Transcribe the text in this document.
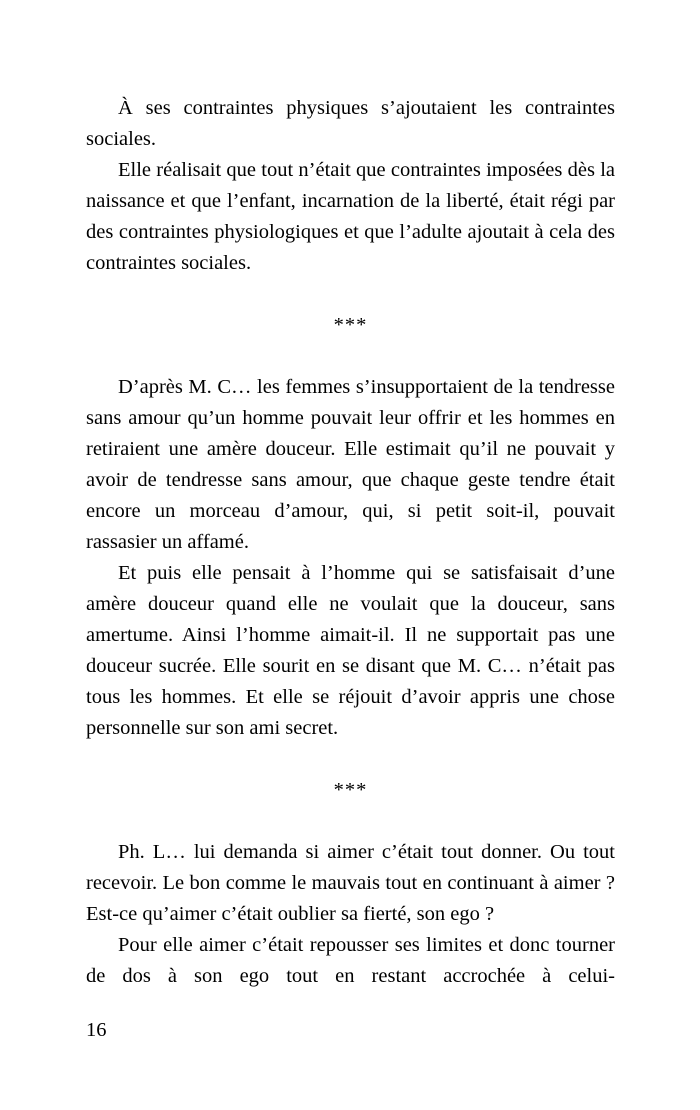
À ses contraintes physiques s’ajoutaient les contraintes sociales.

Elle réalisait que tout n’était que contraintes imposées dès la naissance et que l’enfant, incarnation de la liberté, était régi par des contraintes physiologiques et que l’adulte ajoutait à cela des contraintes sociales.

***

D’après M. C… les femmes s’insupportaient de la tendresse sans amour qu’un homme pouvait leur offrir et les hommes en retiraient une amère douceur. Elle estimait qu’il ne pouvait y avoir de tendresse sans amour, que chaque geste tendre était encore un morceau d’amour, qui, si petit soit-il, pouvait rassasier un affamé.

Et puis elle pensait à l’homme qui se satisfaisait d’une amère douceur quand elle ne voulait que la douceur, sans amertume. Ainsi l’homme aimait-il. Il ne supportait pas une douceur sucrée. Elle sourit en se disant que M. C… n’était pas tous les hommes. Et elle se réjouit d’avoir appris une chose personnelle sur son ami secret.

***

Ph. L… lui demanda si aimer c’était tout donner. Ou tout recevoir. Le bon comme le mauvais tout en continuant à aimer ? Est-ce qu’aimer c’était oublier sa fierté, son ego ?

Pour elle aimer c’était repousser ses limites et donc tourner de dos à son ego tout en restant accrochée à celui-

16
